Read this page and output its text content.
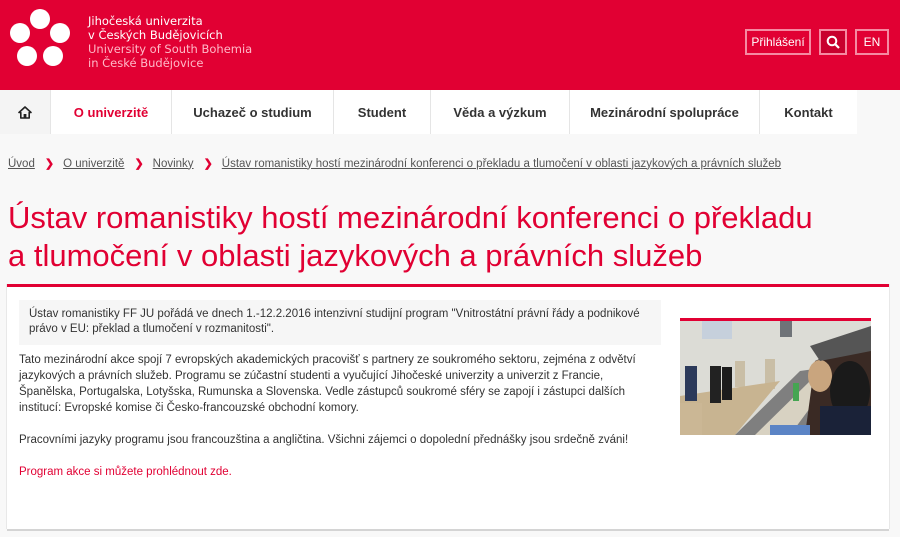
Jihočeská univerzita
v Českých Budějovicích
University of South Bohemia
in České Budějovice
Přihlášení	EN
O univerzitě	Uchazeč o studium	Student	Věda a výzkum	Mezinárodní spolupráce	Kontakt
Úvod ❯ O univerzitě ❯ Novinky ❯ Ústav romanistiky hostí mezinárodní konferenci o překladu a tlumočení v oblasti jazykových a právních služeb
Ústav romanistiky hostí mezinárodní konferenci o překladu
a tlumočení v oblasti jazykových a právních služeb
Ústav romanistiky FF JU pořádá ve dnech 1.-12.2.2016 intenzivní studijní program "Vnitrostátní právní řády a podnikové právo v EU: překlad a tlumočení v rozmanitosti".

Tato mezinárodní akce spojí 7 evropských akademických pracovišť s partnery ze soukromého sektoru, zejména z odvětví jazykových a právních služeb. Programu se zúčastní studenti a vyučující Jihočeské univerzity a univerzit z Francie, Španělska, Portugalska, Lotyšska, Rumunska a Slovenska. Vedle zástupců soukromé sféry se zapojí i zástupci dalších institucí: Evropské komise či Česko-francouzské obchodní komory.

Pracovními jazyky programu jsou francouzština a angličtina. Všichni zájemci o dopolední přednášky jsou srdečně zváni!

Program akce si můžete prohlédnout zde.
